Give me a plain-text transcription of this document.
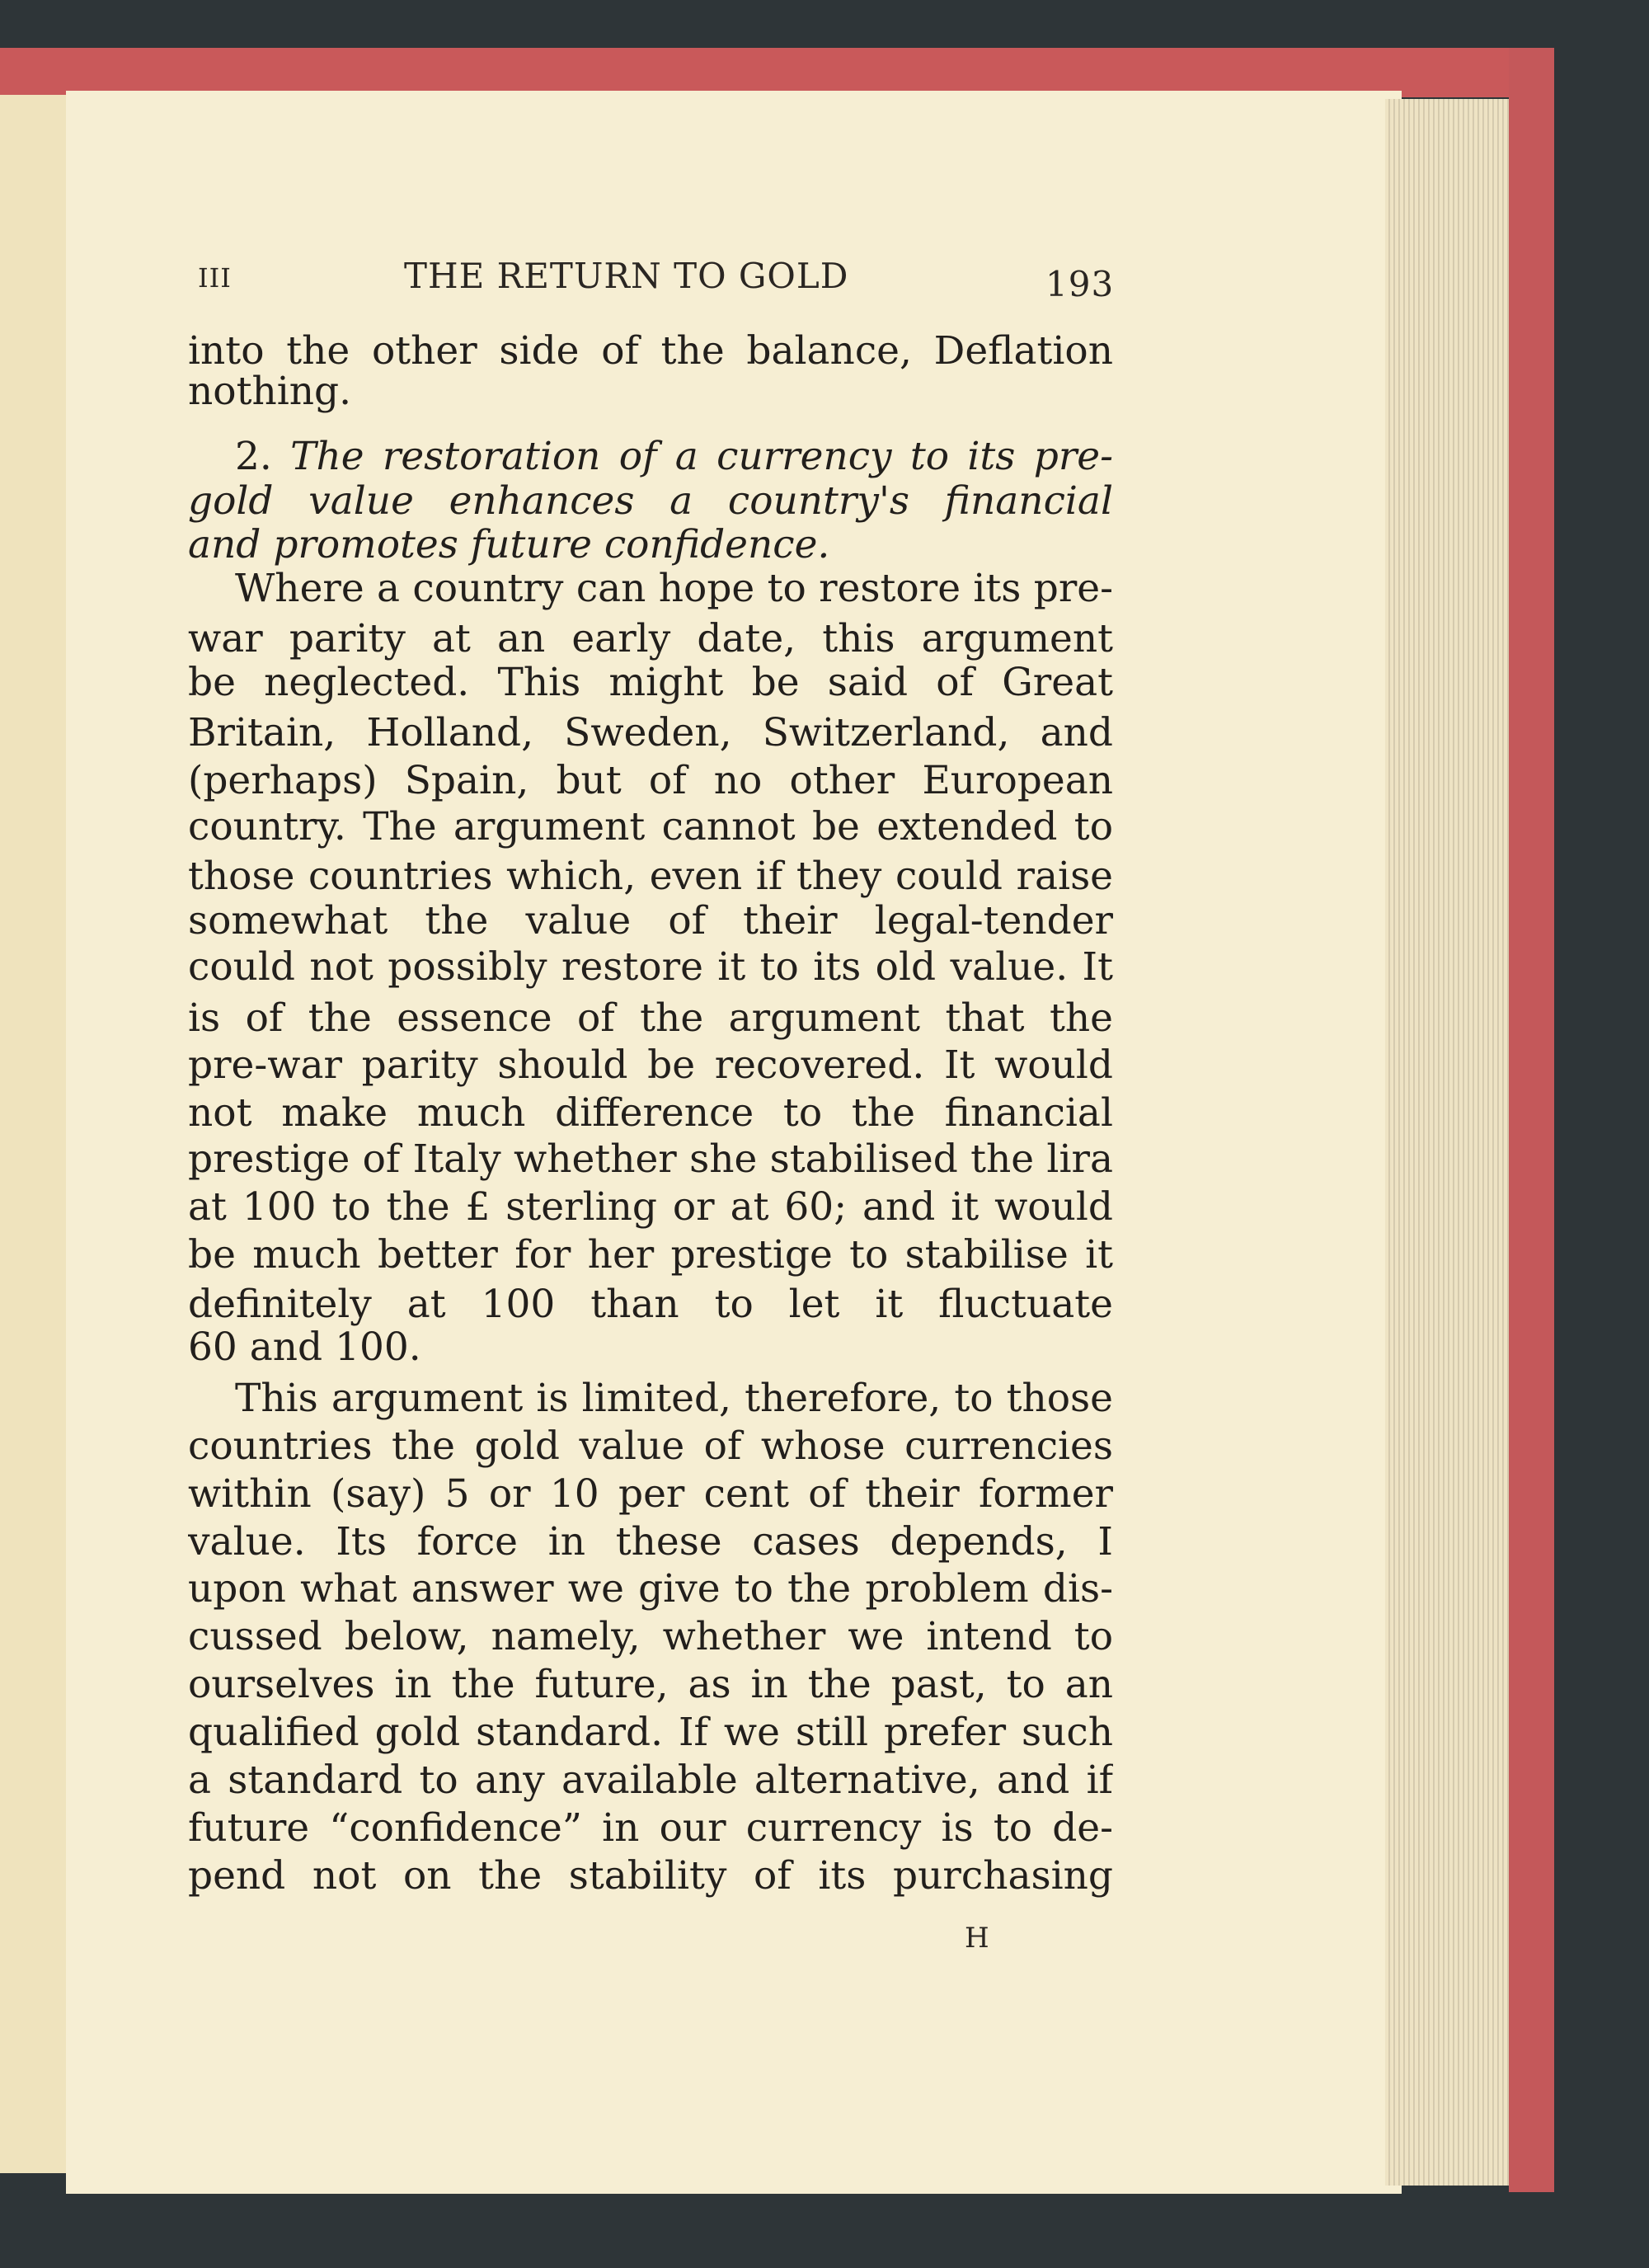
III	THE RETURN TO GOLD	193
into the other side of the balance, Deflation
nothing.
2. The restoration of a currency to its pre-
gold value enhances a country's financial
and promotes future confidence.
Where a country can hope to restore its pre-
war parity at an early date, this argument
be neglected. This might be said of Great
Britain, Holland, Sweden, Switzerland, and
(perhaps) Spain, but of no other European
country. The argument cannot be extended to
those countries which, even if they could raise
somewhat the value of their legal-tender
could not possibly restore it to its old value. It
is of the essence of the argument that the
pre-war parity should be recovered. It would
not make much difference to the financial
prestige of Italy whether she stabilised the lira
at 100 to the £ sterling or at 60; and it would
be much better for her prestige to stabilise it
definitely at 100 than to let it fluctuate
60 and 100.
This argument is limited, therefore, to those
countries the gold value of whose currencies
within (say) 5 or 10 per cent of their former
value. Its force in these cases depends, I
upon what answer we give to the problem dis-
cussed below, namely, whether we intend to
ourselves in the future, as in the past, to an
qualified gold standard. If we still prefer such
a standard to any available alternative, and if
future “confidence” in our currency is to de-
pend not on the stability of its purchasing
H
